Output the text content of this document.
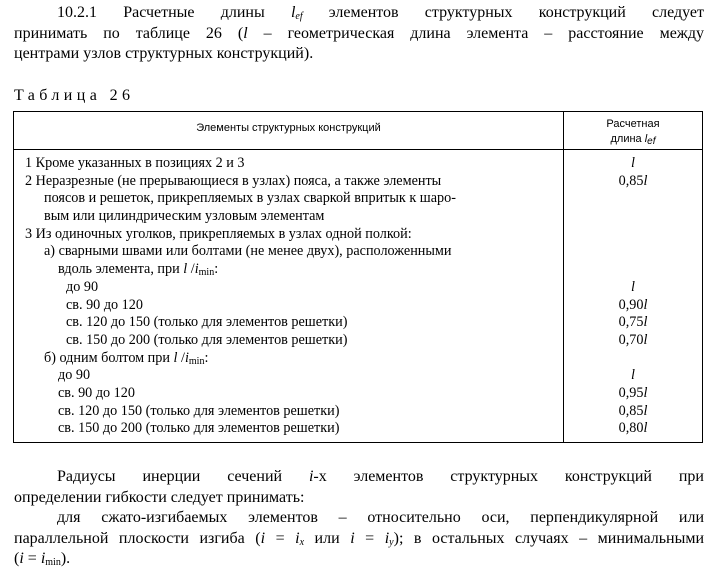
10.2.1 Расчетные длины $l_{ef}$ элементов структурных конструкций следует
принимать по таблице 26 (l – геометрическая длина элемента – расстояние между
центрами узлов структурных конструкций).
Таблица 26
Элементы структурных конструкций	Расчетная
длина $l_{ef}$
1 Кроме указанных в позициях 2 и 3	l
2 Неразрезные (не прерывающиеся в узлах) пояса, а также элементы	0,85l
поясов и решеток, прикрепляемых в узлах сваркой впритык к шаро-
вым или цилиндрическим узловым элементам
3 Из одиночных уголков, прикрепляемых в узлах одной полкой:
а) сварными швами или болтами (не менее двух), расположенными
вдоль элемента, при l $/i_{min}$:
до 90	l
св. 90 до 120	0,90l
св. 120 до 150 (только для элементов решетки)	0,75l
св. 150 до 200 (только для элементов решетки)	0,70l
б) одним болтом при l $/i_{min}$:
до 90	l
св. 90 до 120	0,95l
св. 120 до 150 (только для элементов решетки)	0,85l
св. 150 до 200 (только для элементов решетки)	0,80l
Радиусы инерции сечений i-х элементов структурных конструкций при
определении гибкости следует принимать:
для сжато-изгибаемых элементов – относительно оси, перпендикулярной или
параллельной плоскости изгиба ($i = i_x$ или $i = i_y$); в остальных случаях – минимальными
$(i = i_{min})$.
